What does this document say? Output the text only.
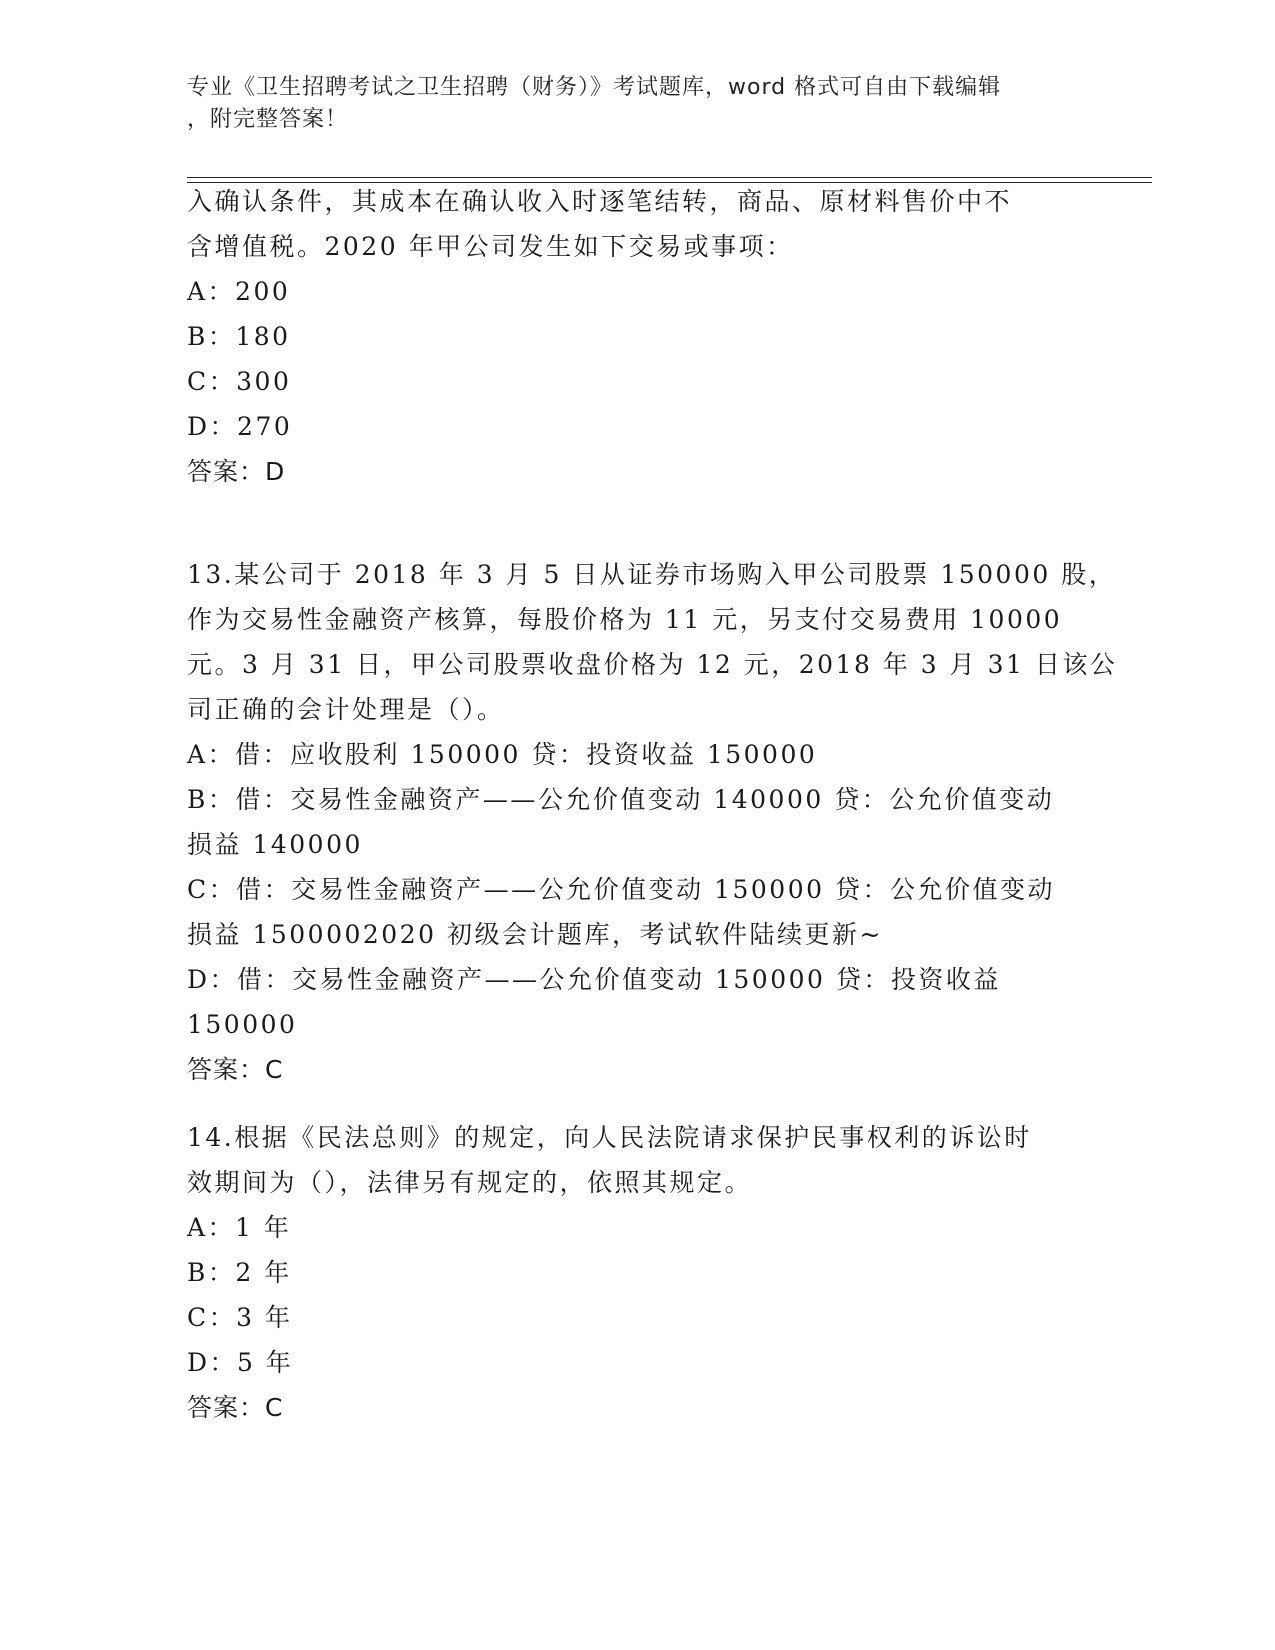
专业《卫生招聘考试之卫生招聘（财务）》考试题库，word 格式可自由下载编辑
，附完整答案！
入确认条件，其成本在确认收入时逐笔结转，商品、原材料售价中不
含增值税。2020 年甲公司发生如下交易或事项：
A：200
B：180
C：300
D：270
答案：D
13.某公司于 2018 年 3 月 5 日从证券市场购入甲公司股票 150000 股，
作为交易性金融资产核算，每股价格为 11 元，另支付交易费用 10000
元。3 月 31 日，甲公司股票收盘价格为 12 元，2018 年 3 月 31 日该公
司正确的会计处理是（）。
A：借：应收股利 150000 贷：投资收益 150000
B：借：交易性金融资产——公允价值变动 140000 贷：公允价值变动
损益 140000
C：借：交易性金融资产——公允价值变动 150000 贷：公允价值变动
损益 1500002020 初级会计题库，考试软件陆续更新~
D：借：交易性金融资产——公允价值变动 150000 贷：投资收益
150000
答案：C
14.根据《民法总则》的规定，向人民法院请求保护民事权利的诉讼时
效期间为（），法律另有规定的，依照其规定。
A：1 年
B：2 年
C：3 年
D：5 年
答案：C
